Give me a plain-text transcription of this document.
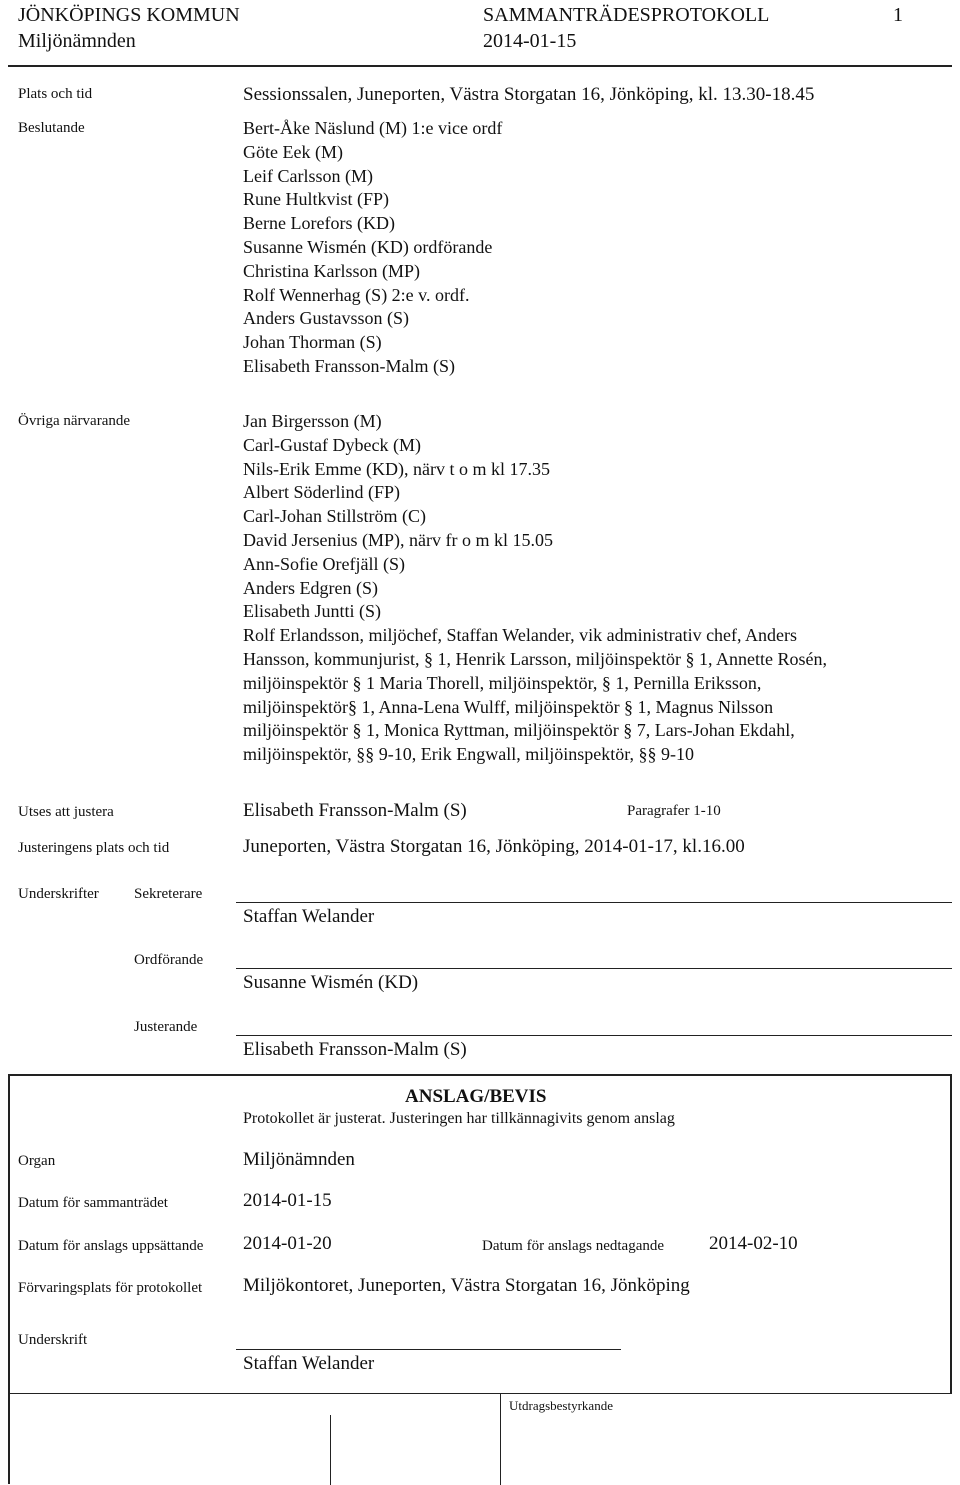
JÖNKÖPINGS KOMMUN
Miljönämnden
SAMMANTRÄDESPROTOKOLL
2014-01-15
1
Plats och tid	Sessionssalen, Juneporten, Västra Storgatan 16, Jönköping, kl. 13.30-18.45
Beslutande	Bert-Åke Näslund (M) 1:e vice ordf
Göte Eek (M)
Leif Carlsson (M)
Rune Hultkvist (FP)
Berne Lorefors (KD)
Susanne Wismén (KD) ordförande
Christina Karlsson (MP)
Rolf Wennerhag (S) 2:e v. ordf.
Anders Gustavsson (S)
Johan Thorman (S)
Elisabeth Fransson-Malm (S)
Övriga närvarande	Jan Birgersson (M)
Carl-Gustaf Dybeck (M)
Nils-Erik Emme (KD), närv t o m kl 17.35
Albert Söderlind (FP)
Carl-Johan Stillström (C)
David Jersenius (MP), närv fr o m kl 15.05
Ann-Sofie Orefjäll (S)
Anders Edgren (S)
Elisabeth Juntti (S)
Rolf Erlandsson, miljöchef, Staffan Welander, vik administrativ chef, Anders
Hansson, kommunjurist, § 1, Henrik Larsson, miljöinspektör § 1, Annette Rosén,
miljöinspektör § 1 Maria Thorell, miljöinspektör, § 1, Pernilla Eriksson,
miljöinspektör§ 1, Anna-Lena Wulff, miljöinspektör § 1, Magnus Nilsson
miljöinspektör § 1, Monica Ryttman, miljöinspektör § 7, Lars-Johan Ekdahl,
miljöinspektör, §§ 9-10, Erik Engwall, miljöinspektör, §§ 9-10
Utses att justera	Elisabeth Fransson-Malm (S)	Paragrafer 1-10
Justeringens plats och tid	Juneporten, Västra Storgatan 16, Jönköping, 2014-01-17, kl.16.00
Underskrifter Sekreterare
Staffan Welander
Ordförande
Susanne Wismén (KD)
Justerande
Elisabeth Fransson-Malm (S)
ANSLAG/BEVIS
Protokollet är justerat. Justeringen har tillkännagivits genom anslag
Organ	Miljönämnden
Datum för sammanträdet	2014-01-15
Datum för anslags uppsättande 2014-01-20	Datum för anslags nedtagande 2014-02-10
Förvaringsplats för protokollet Miljökontoret, Juneporten, Västra Storgatan 16, Jönköping
Underskrift
Staffan Welander
Utdragsbestyrkande
